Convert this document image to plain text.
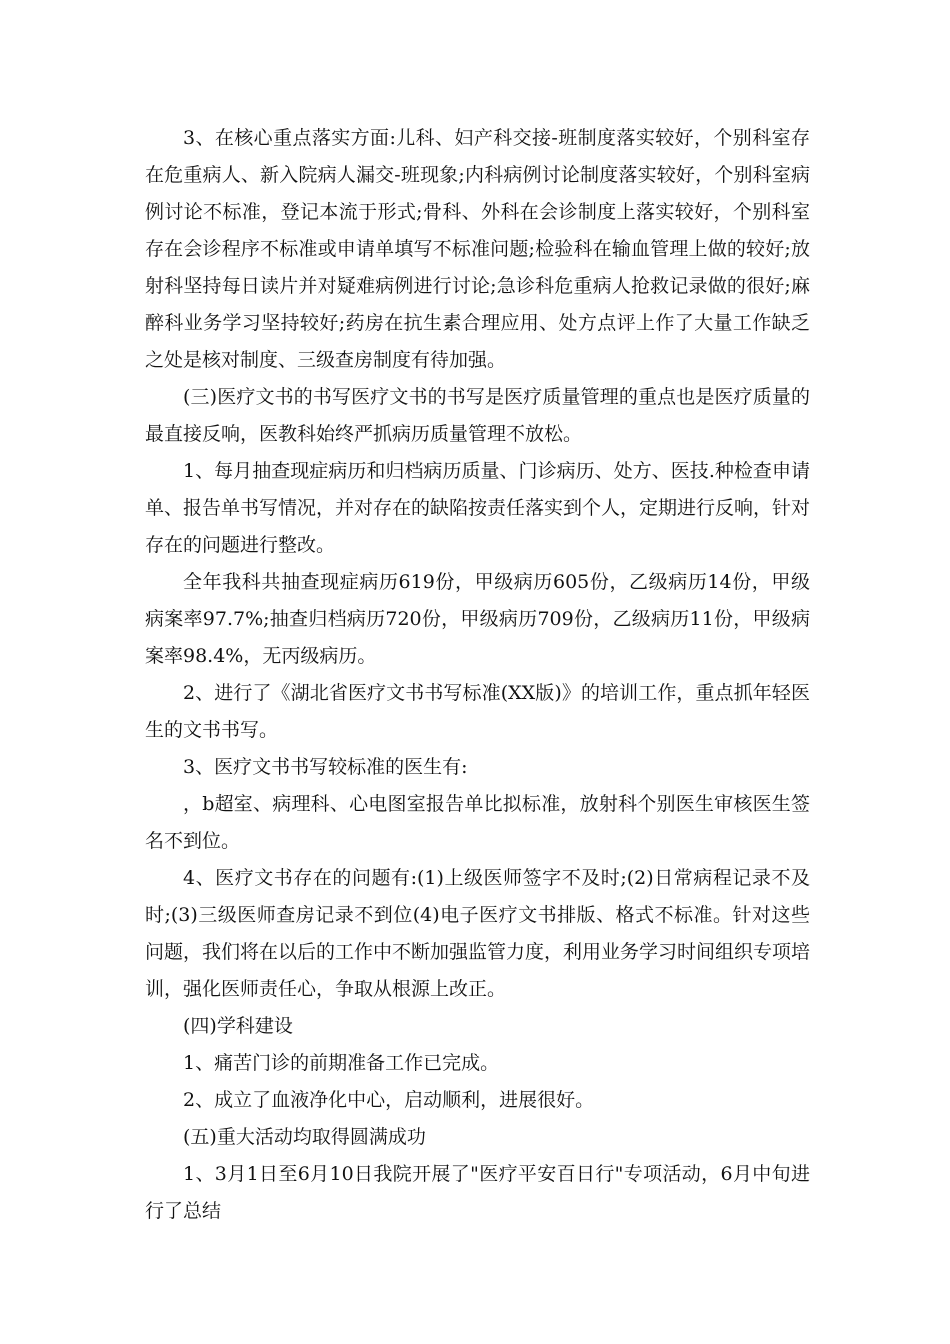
3、在核心重点落实方面:儿科、妇产科交接-班制度落实较好，个别科室存在危重病人、新入院病人漏交-班现象;内科病例讨论制度落实较好，个别科室病例讨论不标准，登记本流于形式;骨科、外科在会诊制度上落实较好，个别科室存在会诊程序不标准或申请单填写不标准问题;检验科在输血管理上做的较好;放射科坚持每日读片并对疑难病例进行讨论;急诊科危重病人抢救记录做的很好;麻醉科业务学习坚持较好;药房在抗生素合理应用、处方点评上作了大量工作缺乏之处是核对制度、三级查房制度有待加强。

(三)医疗文书的书写医疗文书的书写是医疗质量管理的重点也是医疗质量的最直接反响，医教科始终严抓病历质量管理不放松。

1、每月抽查现症病历和归档病历质量、门诊病历、处方、医技.种检查申请单、报告单书写情况，并对存在的缺陷按责任落实到个人，定期进行反响，针对存在的问题进行整改。

全年我科共抽查现症病历619份，甲级病历605份，乙级病历14份，甲级病案率97.7%;抽查归档病历720份，甲级病历709份，乙级病历11份，甲级病案率98.4%，无丙级病历。

2、进行了《湖北省医疗文书书写标准(XX版)》的培训工作，重点抓年轻医生的文书书写。

3、医疗文书书写较标准的医生有:

，b超室、病理科、心电图室报告单比拟标准，放射科个别医生审核医生签名不到位。

4、医疗文书存在的问题有:(1)上级医师签字不及时;(2)日常病程记录不及时;(3)三级医师查房记录不到位(4)电子医疗文书排版、格式不标准。针对这些问题，我们将在以后的工作中不断加强监管力度，利用业务学习时间组织专项培训，强化医师责任心，争取从根源上改正。

(四)学科建设

1、痛苦门诊的前期准备工作已完成。

2、成立了血液净化中心，启动顺利，进展很好。

(五)重大活动均取得圆满成功

1、3月1日至6月10日我院开展了"医疗平安百日行"专项活动，6月中旬进行了总结
